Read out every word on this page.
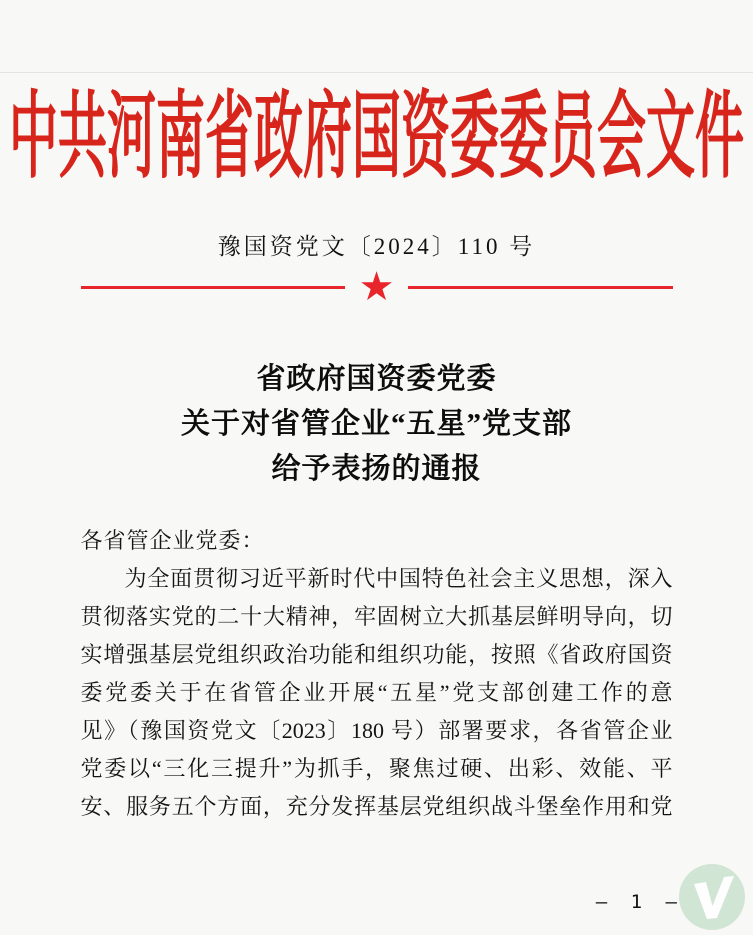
中共河南省政府国资委委员会文件
豫国资党文〔2024〕110 号
★
省政府国资委党委
关于对省管企业“五星”党支部
给予表扬的通报
各省管企业党委：
为全面贯彻习近平新时代中国特色社会主义思想，深入
贯彻落实党的二十大精神，牢固树立大抓基层鲜明导向，切
实增强基层党组织政治功能和组织功能，按照《省政府国资
委党委关于在省管企业开展“五星”党支部创建工作的意
见》（豫国资党文〔2023〕180 号）部署要求，各省管企业
党委以“三化三提升”为抓手，聚焦过硬、出彩、效能、平
安、服务五个方面，充分发挥基层党组织战斗堡垒作用和党
— 1 —
